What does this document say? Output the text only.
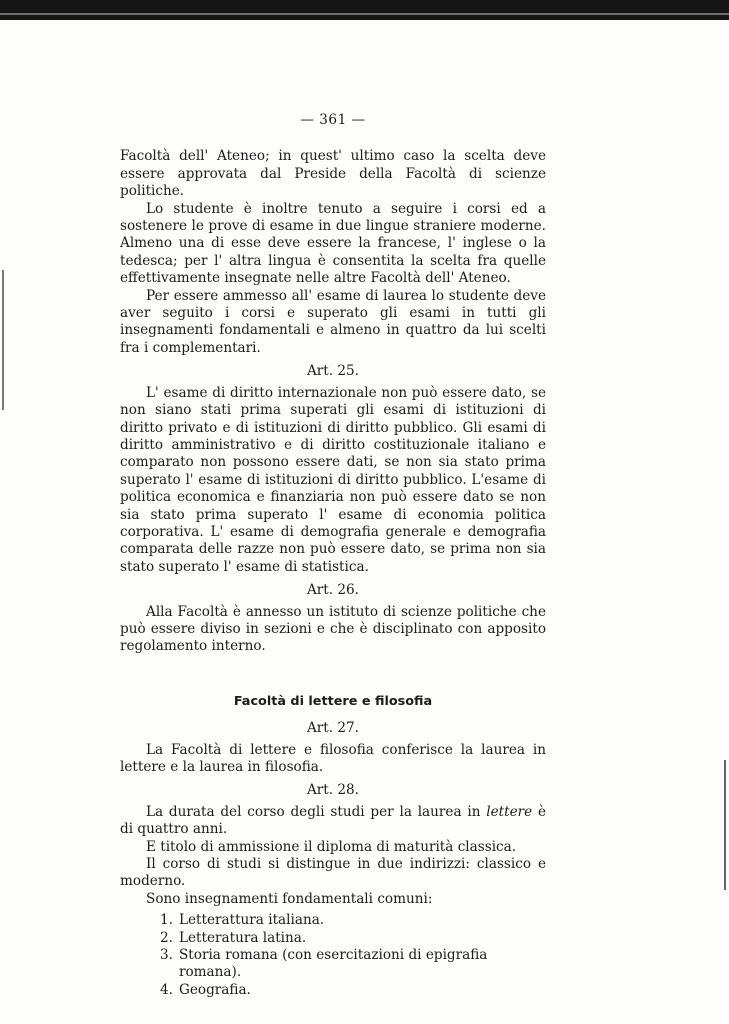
— 361 —

Facoltà dell' Ateneo; in quest' ultimo caso la scelta deve essere approvata dal Preside della Facoltà di scienze politiche.

Lo studente è inoltre tenuto a seguire i corsi ed a sostenere le prove di esame in due lingue straniere moderne. Almeno una di esse deve essere la francese, l' inglese o la tedesca; per l' altra lingua è consentita la scelta fra quelle effettivamente insegnate nelle altre Facoltà dell' Ateneo.

Per essere ammesso all' esame di laurea lo studente deve aver seguito i corsi e superato gli esami in tutti gli insegnamenti fondamentali e almeno in quattro da lui scelti fra i complementari.

Art. 25.

L' esame di diritto internazionale non può essere dato, se non siano stati prima superati gli esami di istituzioni di diritto privato e di istituzioni di diritto pubblico. Gli esami di diritto amministrativo e di diritto costituzionale italiano e comparato non possono essere dati, se non sia stato prima superato l' esame di istituzioni di diritto pubblico. L'esame di politica economica e finanziaria non può essere dato se non sia stato prima superato l' esame di economia politica corporativa. L' esame di demografia generale e demografia comparata delle razze non può essere dato, se prima non sia stato superato l' esame di statistica.

Art. 26.

Alla Facoltà è annesso un istituto di scienze politiche che può essere diviso in sezioni e che è disciplinato con apposito regolamento interno.

Facoltà di lettere e filosofia
Art. 27.

La Facoltà di lettere e filosofia conferisce la laurea in lettere e la laurea in filosofia.

Art. 28.

La durata del corso degli studi per la laurea in lettere è di quattro anni.

E titolo di ammissione il diploma di maturità classica.

Il corso di studi si distingue in due indirizzi: classico e moderno.

Sono insegnamenti fondamentali comuni:

1. Letterattura italiana.
2. Letteratura latina.
3. Storia romana (con esercitazioni di epigrafia romana).
4. Geografia.
